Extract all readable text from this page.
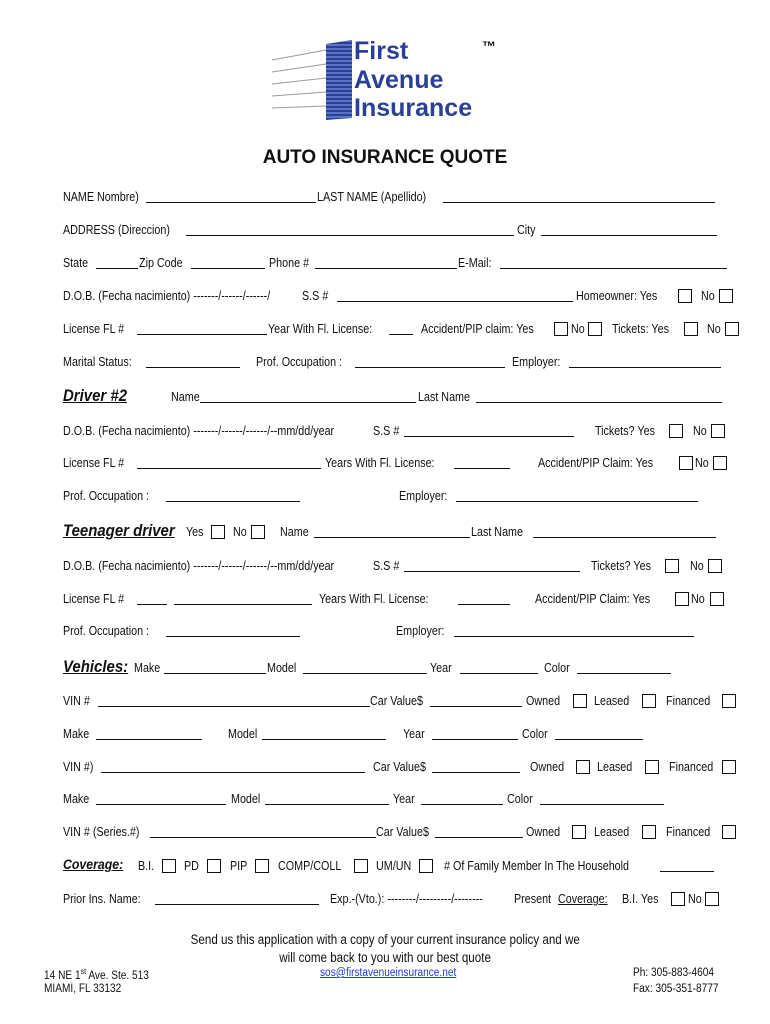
First
Avenue
Insurance
™
AUTO INSURANCE QUOTE
NAME Nombre)	LAST NAME (Apellido)
ADDRESS (Direccion)	City
State	Zip Code	Phone #	E-Mail:
D.O.B. (Fecha nacimiento) -------/------/------/	S.S #	Homeowner: Yes	No
License FL #	Year With Fl. License:	Accident/PIP claim: Yes	No Tickets: Yes	No
Marital Status:	Prof. Occupation :	Employer:
Driver #2	Name	Last Name
D.O.B. (Fecha nacimiento) -------/------/------/--mm/dd/year	S.S #	Tickets? Yes	No
License FL #	Years With Fl. License:	Accident/PIP Claim: Yes	No
Prof. Occupation :	Employer:
Teenager driver Yes No	Name	Last Name
D.O.B. (Fecha nacimiento) -------/------/------/--mm/dd/year	S.S #	Tickets? Yes	No
License FL #	Years With Fl. License:	Accident/PIP Claim: Yes	No
Prof. Occupation :	Employer:
Vehicles: Make	Model	Year	Color
VIN #	Car Value$	Owned	Leased	Financed
Make	Model	Year	Color
VIN #)	Car Value$	Owned	Leased	Financed
Make	Model	Year	Color
VIN # (Series.#)	Car Value$	Owned	Leased	Financed
Coverage: B.I. PD PIP COMP/COLL	UM/UN	# Of Family Member In The Household
Prior Ins. Name:	Exp.-(Vto.): --------/---------/-------- Present Coverage: B.I. Yes No
Send us this application with a copy of your current insurance policy and we
will come back to you with our best quote
14 NE 1st Ave. Ste. 513
MIAMI, FL 33132
sos@firstavenueinsurance.net	Ph: 305-883-4604
Fax: 305-351-8777
